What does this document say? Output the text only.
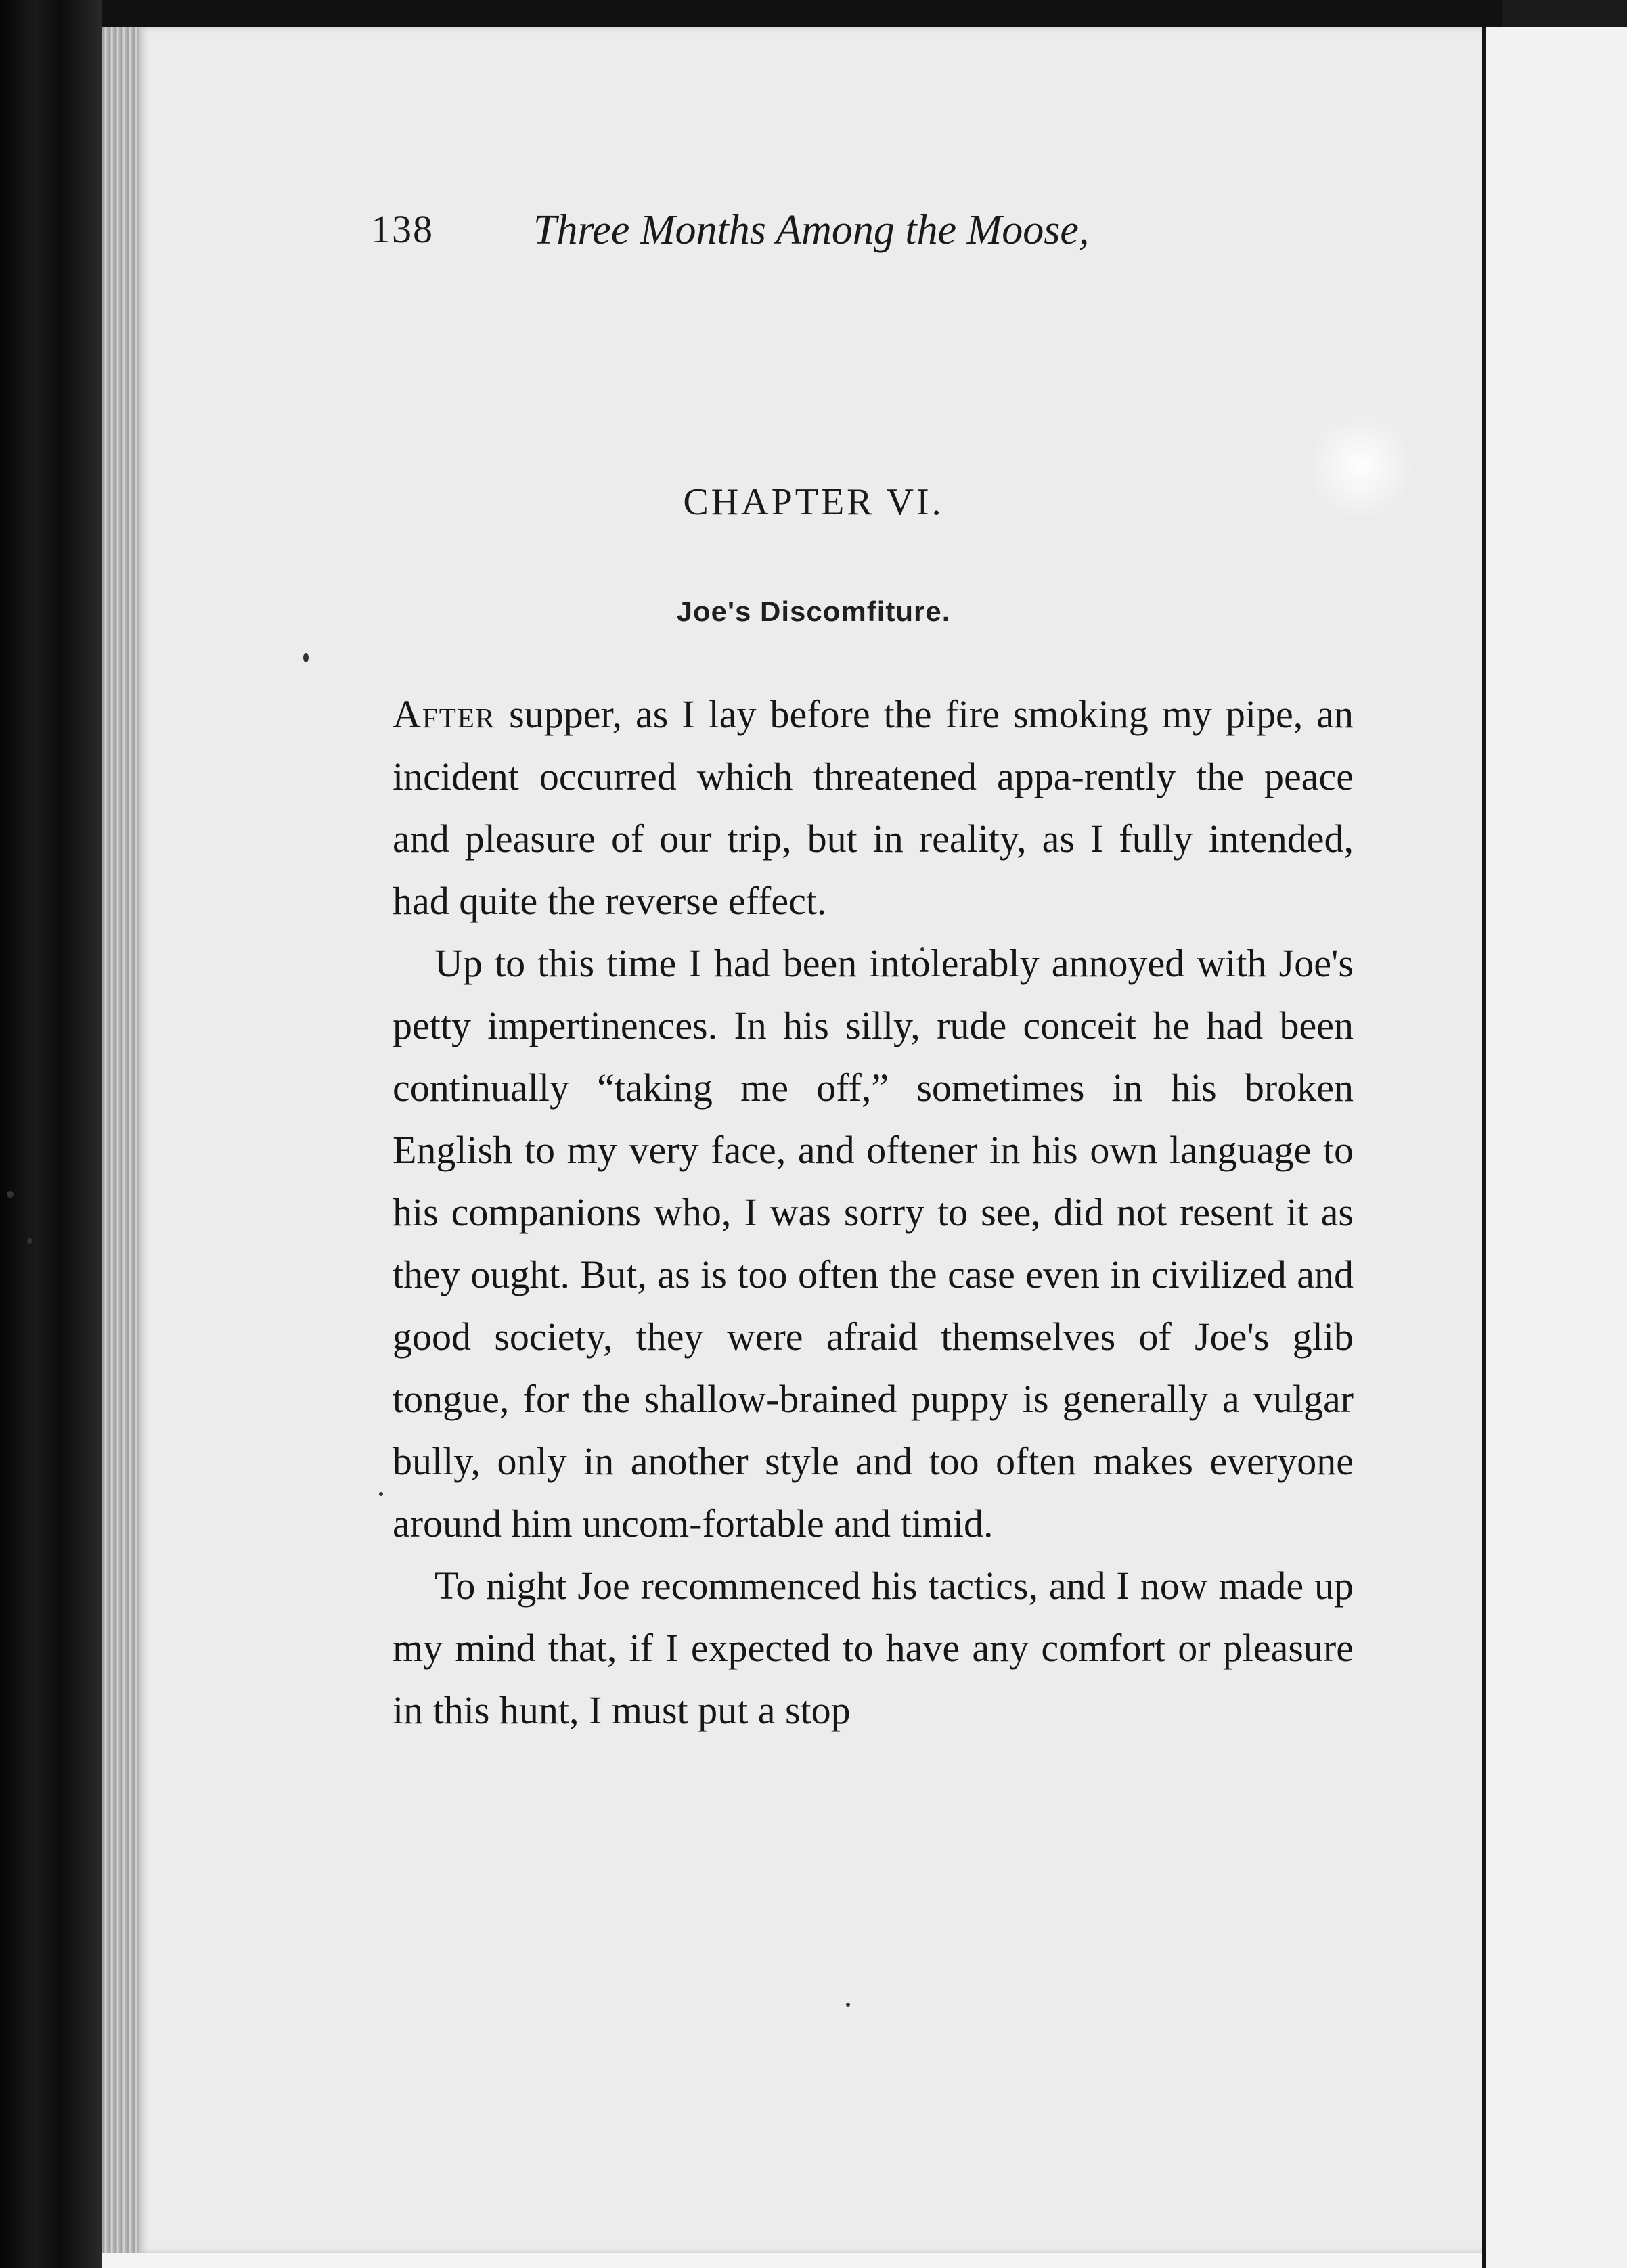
138 Three Months Among the Moose,
CHAPTER VI.
Joe's Discomfiture.

After supper, as I lay before the fire smoking my pipe, an incident occurred which threatened appa-rently the peace and pleasure of our trip, but in reality, as I fully intended, had quite the reverse effect.

Up to this time I had been intolerably annoyed with Joe's petty impertinences. In his silly, rude conceit he had been continually “taking me off,” sometimes in his broken English to my very face, and oftener in his own language to his companions who, I was sorry to see, did not resent it as they ought. But, as is too often the case even in civilized and good society, they were afraid themselves of Joe's glib tongue, for the shallow-brained puppy is generally a vulgar bully, only in another style and too often makes everyone around him uncom-fortable and timid.

To night Joe recommenced his tactics, and I now made up my mind that, if I expected to have any comfort or pleasure in this hunt, I must put a stop
